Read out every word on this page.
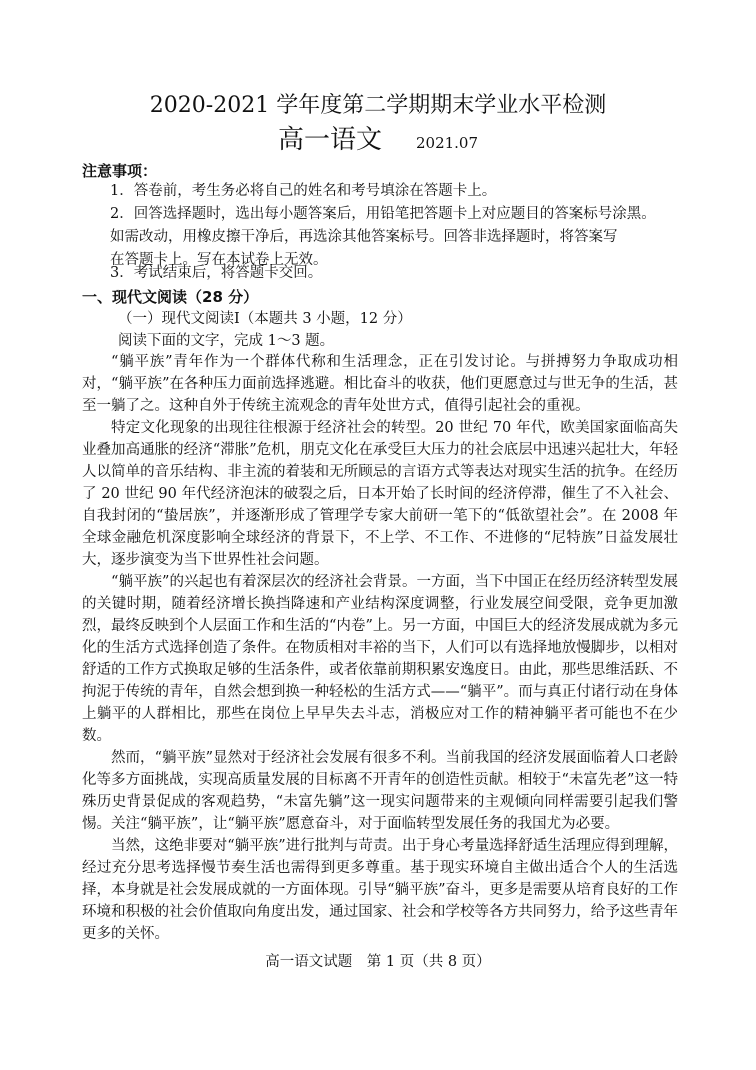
2020-2021 学年度第二学期期末学业水平检测
高一语文 2021.07
注意事项：
1．答卷前，考生务必将自己的姓名和考号填涂在答题卡上。
2．回答选择题时，选出每小题答案后，用铅笔把答题卡上对应题目的答案标号涂黑。
如需改动，用橡皮擦干净后，再选涂其他答案标号。回答非选择题时，将答案写
在答题卡上。写在本试卷上无效。
3．考试结束后，将答题卡交回。
一、现代文阅读（28 分）
（一）现代文阅读Ⅰ（本题共 3 小题，12 分）
阅读下面的文字，完成 1～3 题。

“躺平族”青年作为一个群体代称和生活理念，正在引发讨论。与拼搏努力争取成功相对，“躺平族”在各种压力面前选择逃避。相比奋斗的收获，他们更愿意过与世无争的生活，甚至一躺了之。这种自外于传统主流观念的青年处世方式，值得引起社会的重视。

特定文化现象的出现往往根源于经济社会的转型。20 世纪 70 年代，欧美国家面临高失业叠加高通胀的经济“滞胀”危机，朋克文化在承受巨大压力的社会底层中迅速兴起壮大，年轻人以简单的音乐结构、非主流的着装和无所顾忌的言语方式等表达对现实生活的抗争。在经历了 20 世纪 90 年代经济泡沫的破裂之后，日本开始了长时间的经济停滞，催生了不入社会、自我封闭的“蛰居族”，并逐渐形成了管理学专家大前研一笔下的“低欲望社会”。在 2008 年全球金融危机深度影响全球经济的背景下，不上学、不工作、不进修的“尼特族”日益发展壮大，逐步演变为当下世界性社会问题。

“躺平族”的兴起也有着深层次的经济社会背景。一方面，当下中国正在经历经济转型发展的关键时期，随着经济增长换挡降速和产业结构深度调整，行业发展空间受限，竞争更加激烈，最终反映到个人层面工作和生活的“内卷”上。另一方面，中国巨大的经济发展成就为多元化的生活方式选择创造了条件。在物质相对丰裕的当下，人们可以有选择地放慢脚步，以相对舒适的工作方式换取足够的生活条件，或者依靠前期积累安逸度日。由此，那些思维活跃、不拘泥于传统的青年，自然会想到换一种轻松的生活方式——“躺平”。而与真正付诸行动在身体上躺平的人群相比，那些在岗位上早早失去斗志，消极应对工作的精神躺平者可能也不在少数。

然而，“躺平族”显然对于经济社会发展有很多不利。当前我国的经济发展面临着人口老龄化等多方面挑战，实现高质量发展的目标离不开青年的创造性贡献。相较于“未富先老”这一特殊历史背景促成的客观趋势，“未富先躺”这一现实问题带来的主观倾向同样需要引起我们警惕。关注“躺平族”，让“躺平族”愿意奋斗，对于面临转型发展任务的我国尤为必要。

当然，这绝非要对“躺平族”进行批判与苛责。出于身心考量选择舒适生活理应得到理解，经过充分思考选择慢节奏生活也需得到更多尊重。基于现实环境自主做出适合个人的生活选择，本身就是社会发展成就的一方面体现。引导“躺平族”奋斗，更多是需要从培育良好的工作环境和积极的社会价值取向角度出发，通过国家、社会和学校等各方共同努力，给予这些青年更多的关怀。

高一语文试题　第 1 页（共 8 页）
